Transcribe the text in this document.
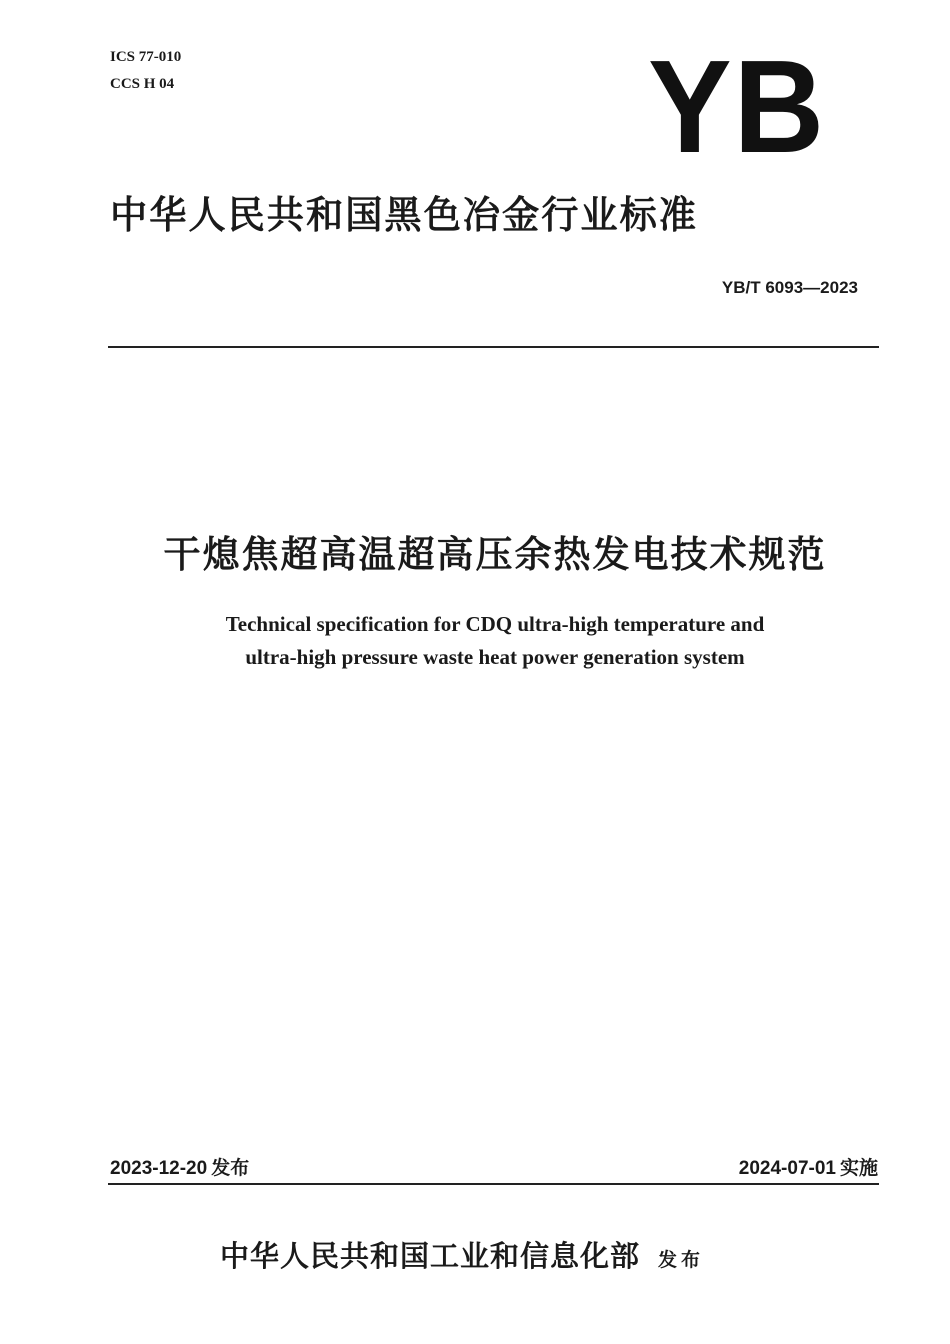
ICS 77-010
CCS H 04	YB
中华人民共和国黑色冶金行业标准
YB/T 6093—2023
干熄焦超高温超高压余热发电技术规范
Technical specification for CDQ ultra-high temperature and
ultra-high pressure waste heat power generation system
2023-12-20 发布	2024-07-01 实施
中华人民共和国工业和信息化部 发布
